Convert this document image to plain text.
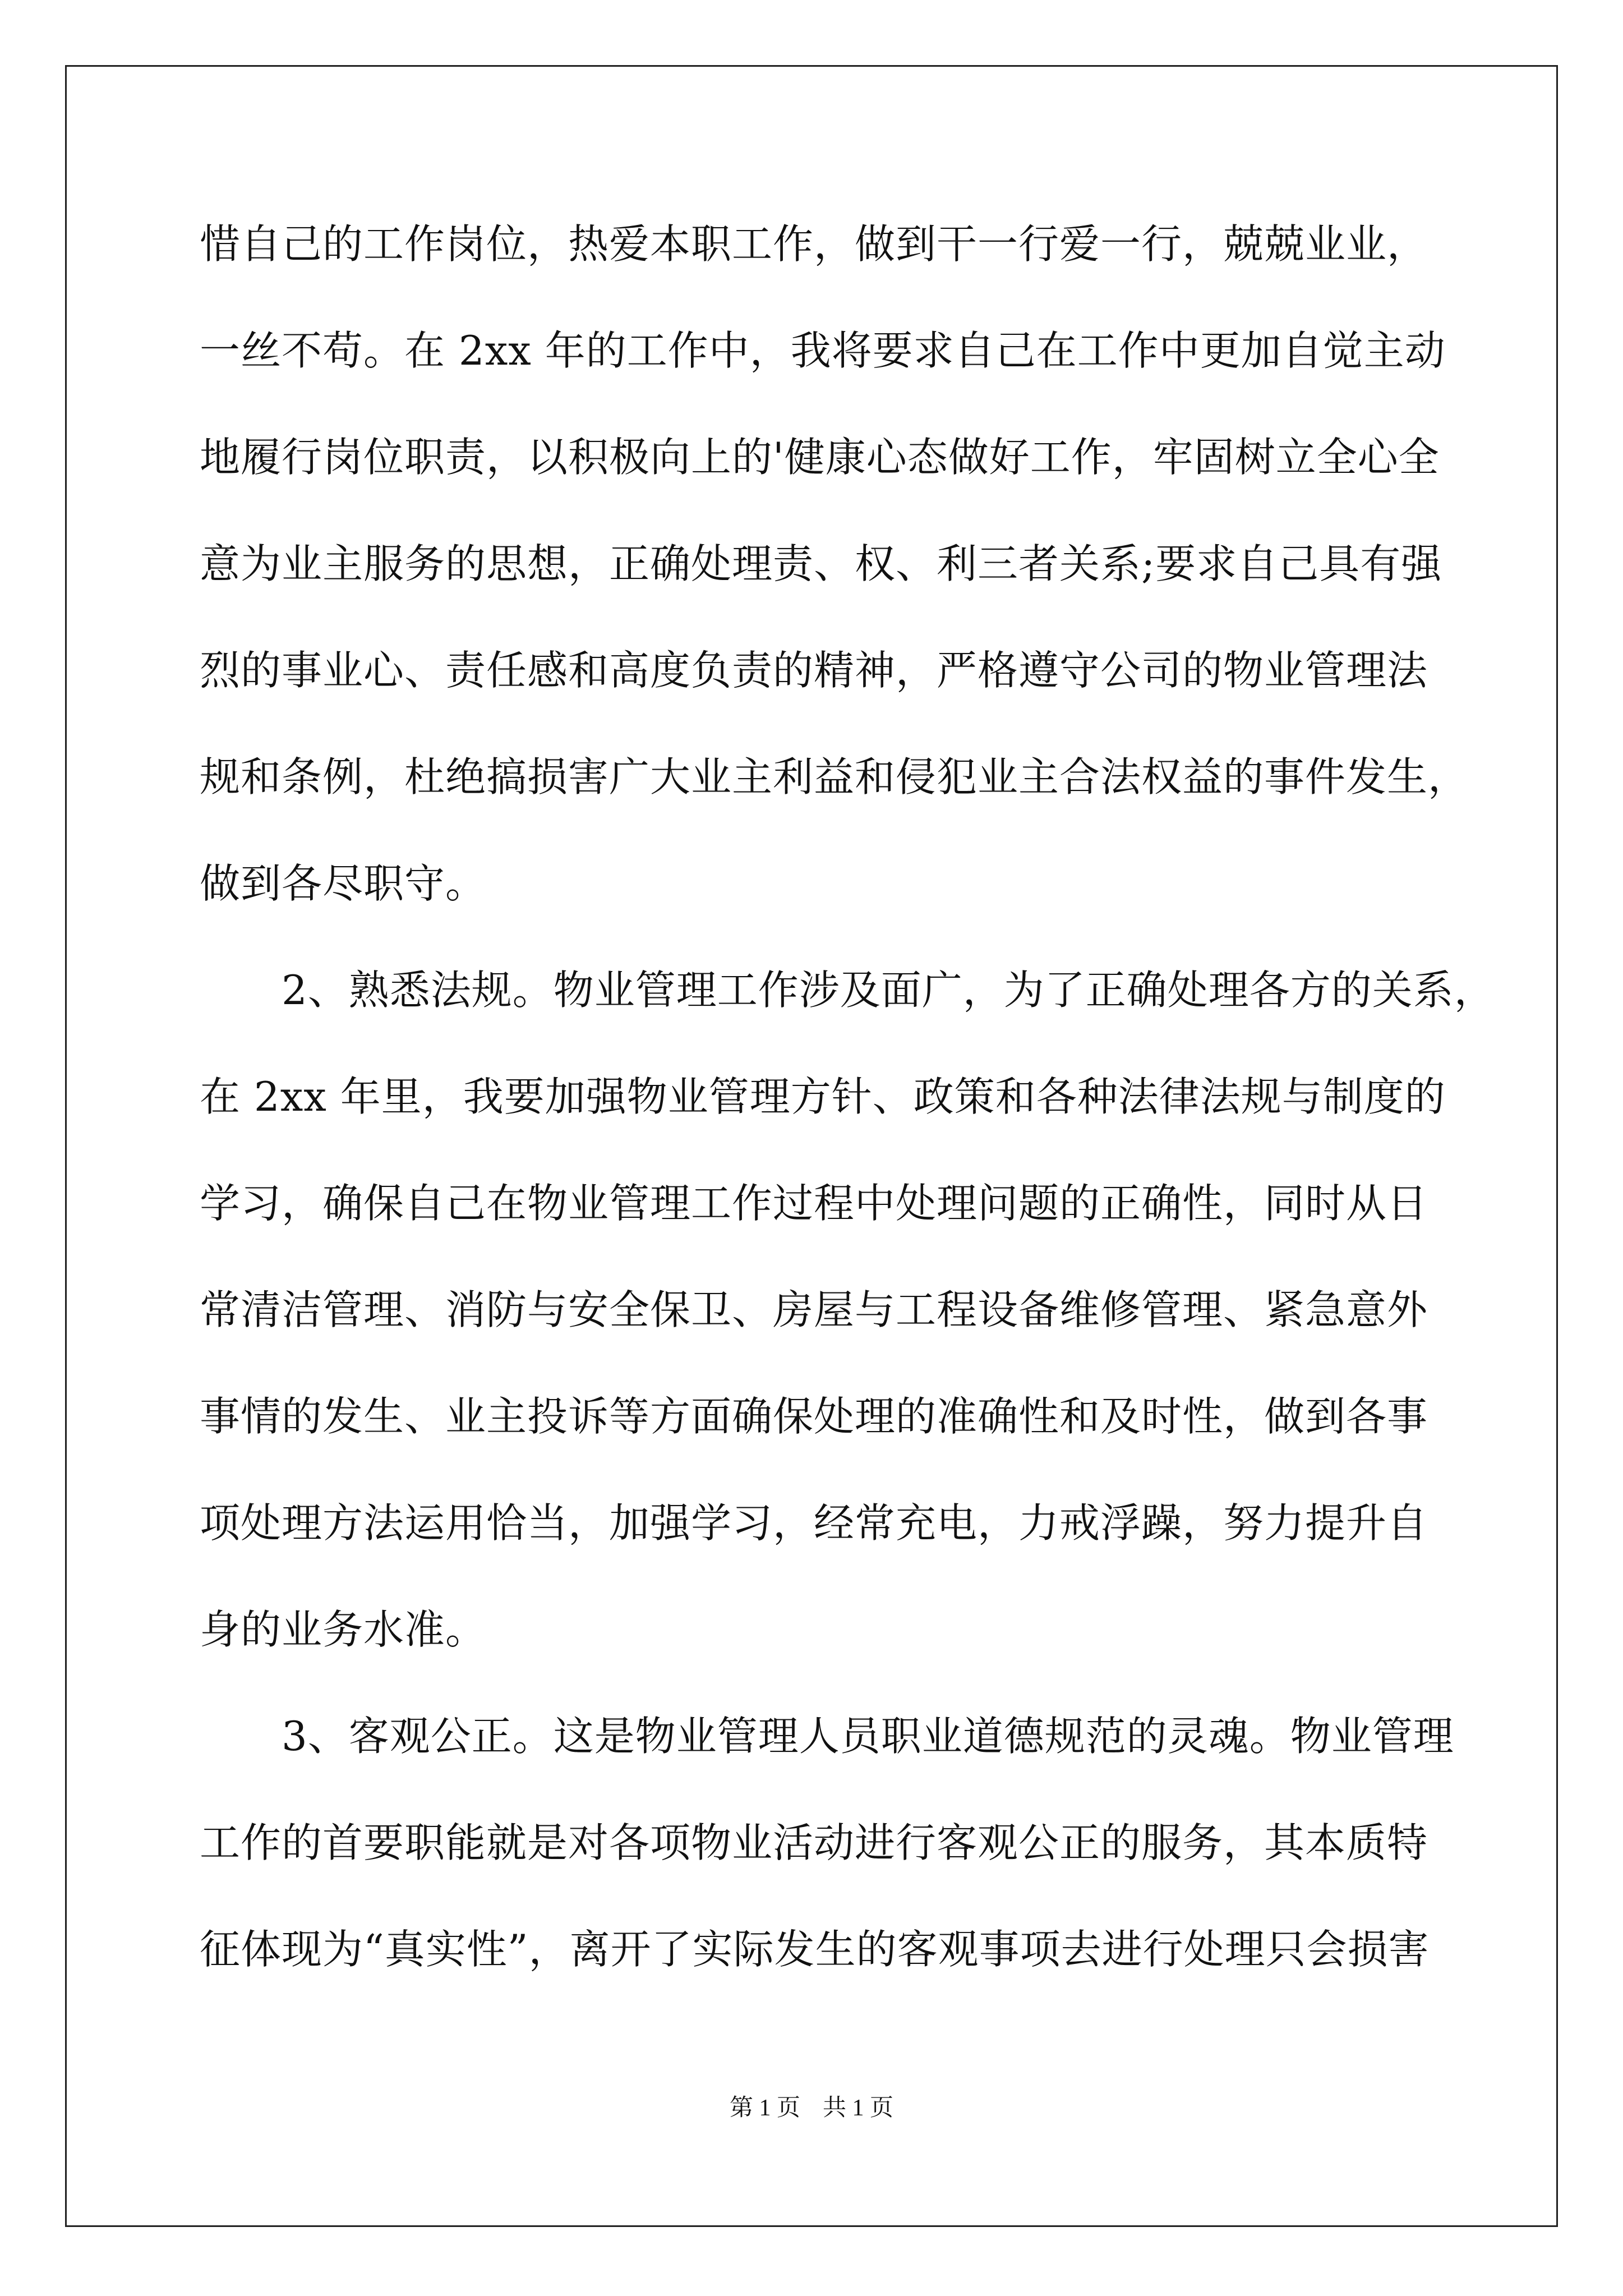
惜自己的工作岗位，热爱本职工作，做到干一行爱一行，兢兢业业，
一丝不苟。在 2xx 年的工作中，我将要求自己在工作中更加自觉主动
地履行岗位职责，以积极向上的'健康心态做好工作，牢固树立全心全
意为业主服务的思想，正确处理责、权、利三者关系;要求自己具有强
烈的事业心、责任感和高度负责的精神，严格遵守公司的物业管理法
规和条例，杜绝搞损害广大业主利益和侵犯业主合法权益的事件发生，
做到各尽职守。
　　2、熟悉法规。物业管理工作涉及面广，为了正确处理各方的关系，
在 2xx 年里，我要加强物业管理方针、政策和各种法律法规与制度的
学习，确保自己在物业管理工作过程中处理问题的正确性，同时从日
常清洁管理、消防与安全保卫、房屋与工程设备维修管理、紧急意外
事情的发生、业主投诉等方面确保处理的准确性和及时性，做到各事
项处理方法运用恰当，加强学习，经常充电，力戒浮躁，努力提升自
身的业务水准。
　　3、客观公正。这是物业管理人员职业道德规范的灵魂。物业管理
工作的首要职能就是对各项物业活动进行客观公正的服务，其本质特
征体现为“真实性”，离开了实际发生的客观事项去进行处理只会损害
第 1 页 共 1 页
